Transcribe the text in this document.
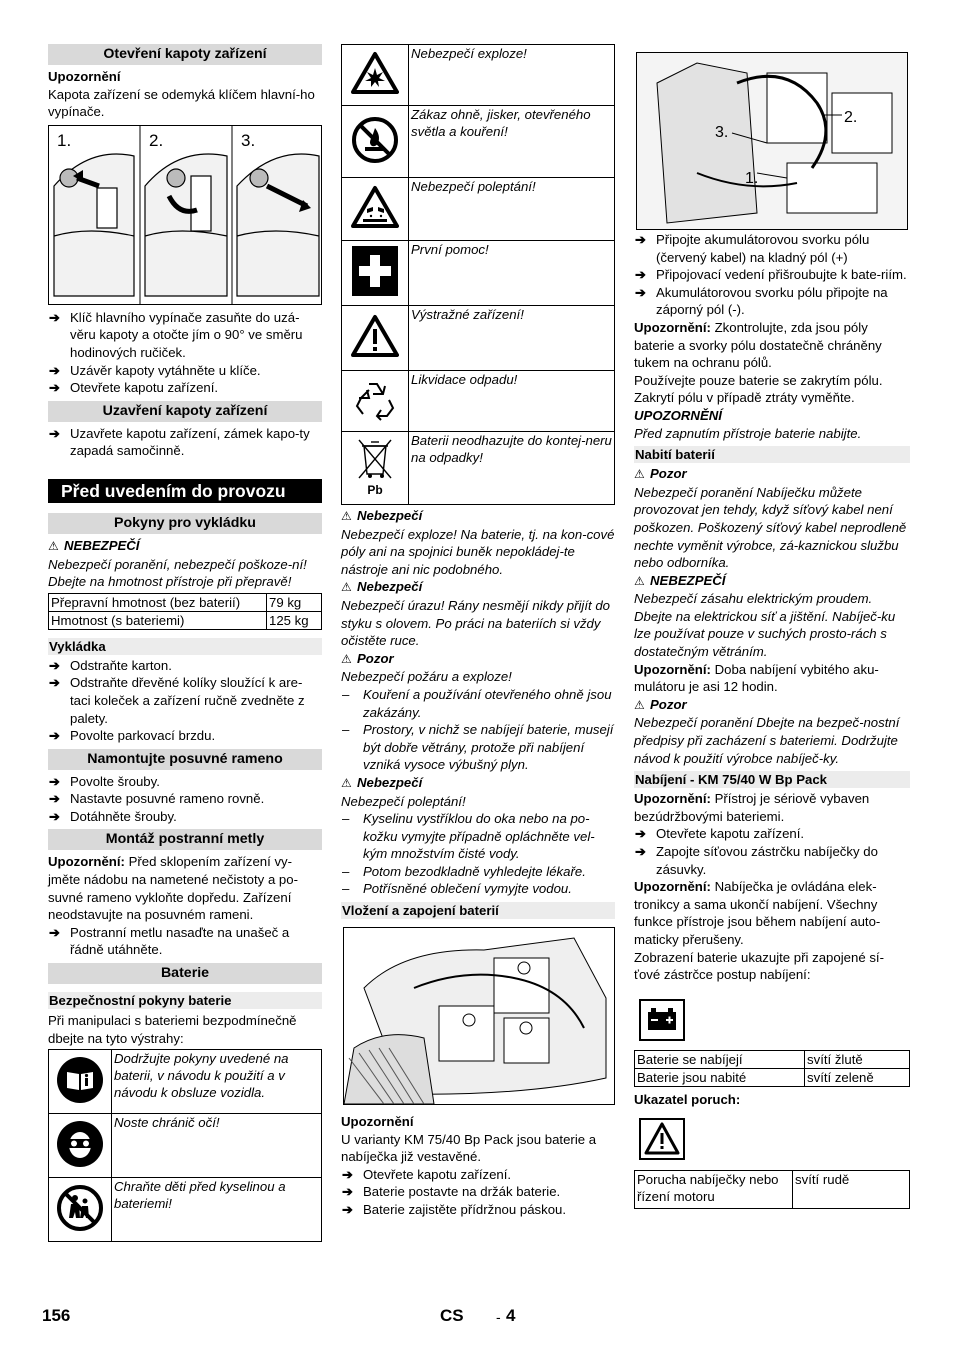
Otevření kapoty zařízení

Upozornění

Kapota zařízení se odemyká klíčem hlavní-ho vypínače.

1.	2.	3.

➔ Klíč hlavního vypínače zasuňte do uzá-věru kapoty a otočte jím o 90° ve směru hodinových ručiček.

➔ Uzávěr kapoty vytáhněte u klíče.

➔ Otevřete kapotu zařízení.

Uzavření kapoty zařízení

➔ Uzavřete kapotu zařízení, zámek kapo-ty zapadá samočinně.

Před uvedením do provozu
Pokyny pro vykládku

⚠ NEBEZPEČÍ

Nebezpečí poranění, nebezpečí poškoze-ní!

Dbejte na hmotnost přístroje při přepravě!

Přepravní hmotnost (bez baterií)	79 kg
Hmotnost (s bateriemi)	125 kg
Vykládka

➔ Odstraňte karton.

➔ Odstraňte dřevěné kolíky sloužící k are-taci koleček a zařízení ručně zvedněte z palety.

➔ Povolte parkovací brzdu.

Namontujte posuvné rameno

➔ Povolte šrouby.

➔ Nastavte posuvné rameno rovně.

➔ Dotáhněte šrouby.

Montáž postranní metly

Upozornění: Před sklopením zařízení vy-jměte nádobu na nametené nečistoty a po-suvné rameno vykloňte dopředu. Zařízení neodstavujte na posuvném rameni.

➔ Postranní metlu nasaďte na unašeč a řádně utáhněte.

Baterie
Bezpečnostní pokyny baterie

Při manipulaci s bateriemi bezpodmínečně dbejte na tyto výstrahy:

	Dodržujte pokyny uvedené na baterii, v návodu k použití a v návodu k obsluze vozidla.
	Noste chránič očí!
	Chraňte děti před kyselinou a bateriemi!
	Nebezpečí exploze!
	Zákaz ohně, jisker, otevřeného světla a kouření!
	Nebezpečí poleptání!
	První pomoc!
	Výstražné zařízení!
	Likvidace odpadu!

Pb	Baterii neodhazujte do kontej-neru na odpadky!

⚠ Nebezpečí

Nebezpečí exploze! Na baterie, tj. na kon-cové póly ani na spojnici buněk nepokládej-te nástroje ani nic podobného.

⚠ Nebezpečí

Nebezpečí úrazu! Rány nesmějí nikdy přijít do styku s olovem. Po práci na bateriích si vždy očistěte ruce.

⚠ Pozor

Nebezpečí požáru a exploze!

– Kouření a používání otevřeného ohně jsou zakázány.

– Prostory, v nichž se nabíjejí baterie, musejí být dobře větrány, protože při nabíjení vzniká vysoce výbušný plyn.

⚠ Nebezpečí

Nebezpečí poleptání!

– Kyselinu vystříklou do oka nebo na po-kožku vymyjte případně opláchněte vel-kým množstvím čisté vody.

– Potom bezodkladně vyhledejte lékaře.

– Potřísněné oblečení vymyjte vodou.

Vložení a zapojení baterií

Upozornění

U varianty KM 75/40 Bp Pack jsou baterie a nabíječka již vestavěné.

➔ Otevřete kapotu zařízení.

➔ Baterie postavte na držák baterie.

➔ Baterie zajistěte přídržnou páskou.

1.
2.
3.

➔ Připojte akumulátorovou svorku pólu (červený kabel) na kladný pól (+)

➔ Připojovací vedení přišroubujte k bate-riím.

➔ Akumulátorovou svorku pólu připojte na záporný pól (-).

Upozornění: Zkontrolujte, zda jsou póly baterie a svorky pólu dostatečně chráněny tukem na ochranu pólů.

Používejte pouze baterie se zakrytím pólu. Zakrytí pólu v případě ztráty vyměňte.

UPOZORNĚNÍ

Před zapnutím přístroje baterie nabijte.

Nabití baterií

⚠ Pozor

Nebezpečí poranění Nabíječku můžete provozovat jen tehdy, když síťový kabel není poškozen. Poškozený síťový kabel neprodleně nechte vyměnit výrobce, zá-kaznickou službu nebo odborníka.

⚠ NEBEZPEČÍ

Nebezpečí zásahu elektrickým proudem. Dbejte na elektrickou síť a jištění. Nabíječ-ku lze používat pouze v suchých prosto-rách s dostatečným větráním.

Upozornění: Doba nabíjení vybitého aku-mulátoru je asi 12 hodin.

⚠ Pozor

Nebezpečí poranění Dbejte na bezpeč-nostní předpisy při zacházení s bateriemi. Dodržujte návod k použití výrobce nabíječ-ky.

Nabíjení - KM 75/40 W Bp Pack

Upozornění: Přístroj je sériově vybaven bezúdržbovými bateriemi.

➔ Otevřete kapotu zařízení.

➔ Zapojte síťovou zástrčku nabíječky do zásuvky.

Upozornění: Nabíječka je ovládána elek-tronikcy a sama ukončí nabíjení. Všechny funkce přístroje jsou během nabíjení auto-maticky přerušeny.

Zobrazení baterie ukazujte při zapojené sí-ťové zástrčce postup nabíjení:

Baterie se nabíjejí	svítí žlutě
Baterie jsou nabité	svítí zeleně

Ukazatel poruch:

Porucha nabíječky nebo řízení motoru	svítí rudě
156	CS - 4
